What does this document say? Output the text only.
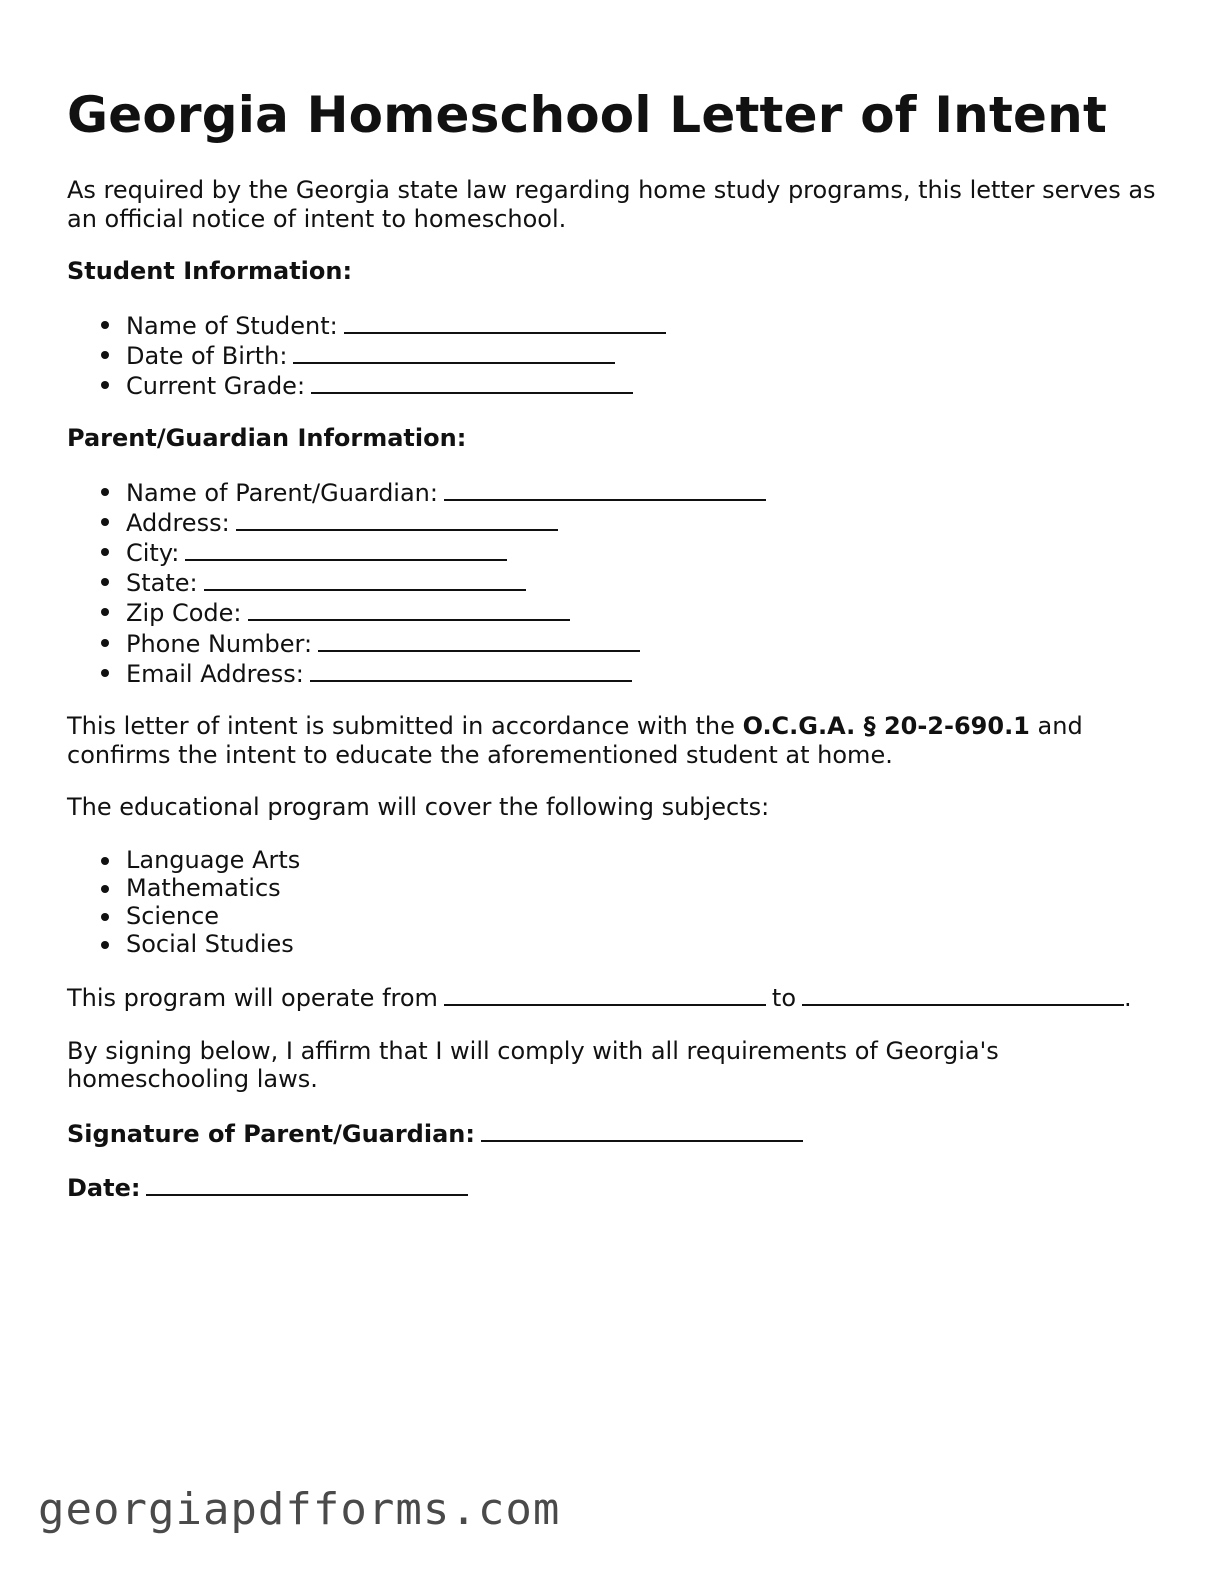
Georgia Homeschool Letter of Intent

As required by the Georgia state law regarding home study programs, this letter serves as an official notice of intent to homeschool.

Student Information:

Name of Student:
Date of Birth:
Current Grade:

Parent/Guardian Information:

Name of Parent/Guardian:
Address:
City:
State:
Zip Code:
Phone Number:
Email Address:

This letter of intent is submitted in accordance with the O.C.G.A. § 20-2-690.1 and confirms the intent to educate the aforementioned student at home.

The educational program will cover the following subjects:

Language Arts
Mathematics
Science
Social Studies

This program will operate from	to	.

By signing below, I affirm that I will comply with all requirements of Georgia's homeschooling laws.

Signature of Parent/Guardian:

Date:

georgiapdfforms.com
